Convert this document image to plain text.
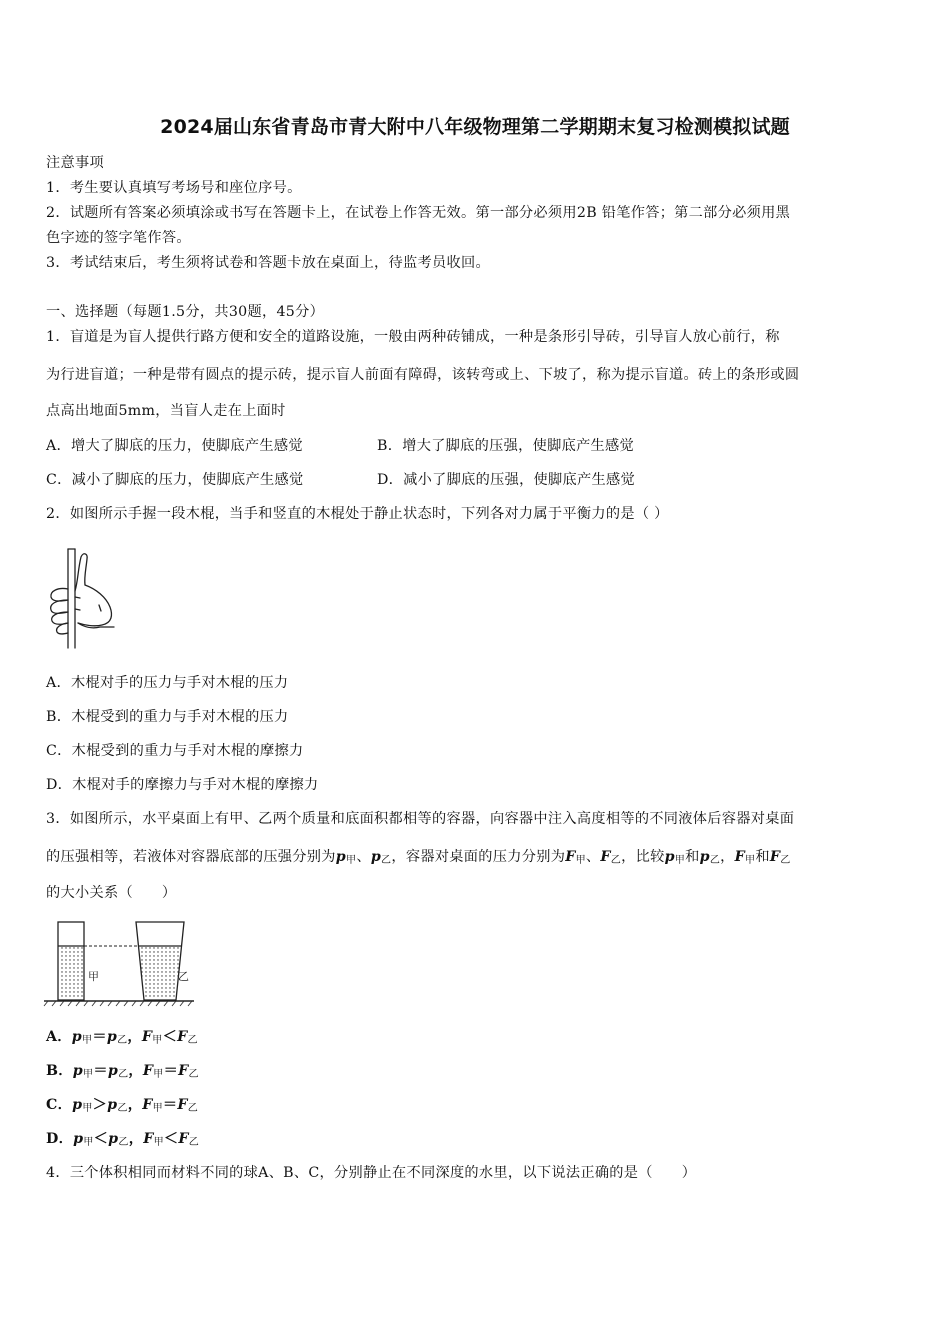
2024届山东省青岛市青大附中八年级物理第二学期期末复习检测模拟试题
注意事项
1．考生要认真填写考场号和座位序号。
2．试题所有答案必须填涂或书写在答题卡上，在试卷上作答无效。第一部分必须用2B 铅笔作答；第二部分必须用黑
色字迹的签字笔作答。
3．考试结束后，考生须将试卷和答题卡放在桌面上，待监考员收回。
一、选择题（每题1.5分，共30题，45分）
1．盲道是为盲人提供行路方便和安全的道路设施，一般由两种砖铺成，一种是条形引导砖，引导盲人放心前行，称
为行进盲道；一种是带有圆点的提示砖，提示盲人前面有障碍，该转弯或上、下坡了，称为提示盲道。砖上的条形或圆
点高出地面5mm，当盲人走在上面时
A．增大了脚底的压力，使脚底产生感觉	B．增大了脚底的压强，使脚底产生感觉
C．减小了脚底的压力，使脚底产生感觉	D．减小了脚底的压强，使脚底产生感觉
2．如图所示手握一段木棍，当手和竖直的木棍处于静止状态时，下列各对力属于平衡力的是（ ）
A．木棍对手的压力与手对木棍的压力
B．木棍受到的重力与手对木棍的压力
C．木棍受到的重力与手对木棍的摩擦力
D．木棍对手的摩擦力与手对木棍的摩擦力
3．如图所示，水平桌面上有甲、乙两个质量和底面积都相等的容器，向容器中注入高度相等的不同液体后容器对桌面
的压强相等，若液体对容器底部的压强分别为$p_甲$、$p_乙$，容器对桌面的压力分别为$F_甲$、$F_乙$，比较$p_甲$和$p_乙$，$F_甲$和$F_乙$
的大小关系（　　）
甲	乙
A．$p_甲=p_乙$，$F_甲<F_乙$
B．$p_甲=p_乙$，$F_甲=F_乙$
C．$p_甲>p_乙$，$F_甲=F_乙$
D．$p_甲<p_乙$，$F_甲<F_乙$
4．三个体积相同而材料不同的球A、B、C，分别静止在不同深度的水里，以下说法正确的是（　　）
